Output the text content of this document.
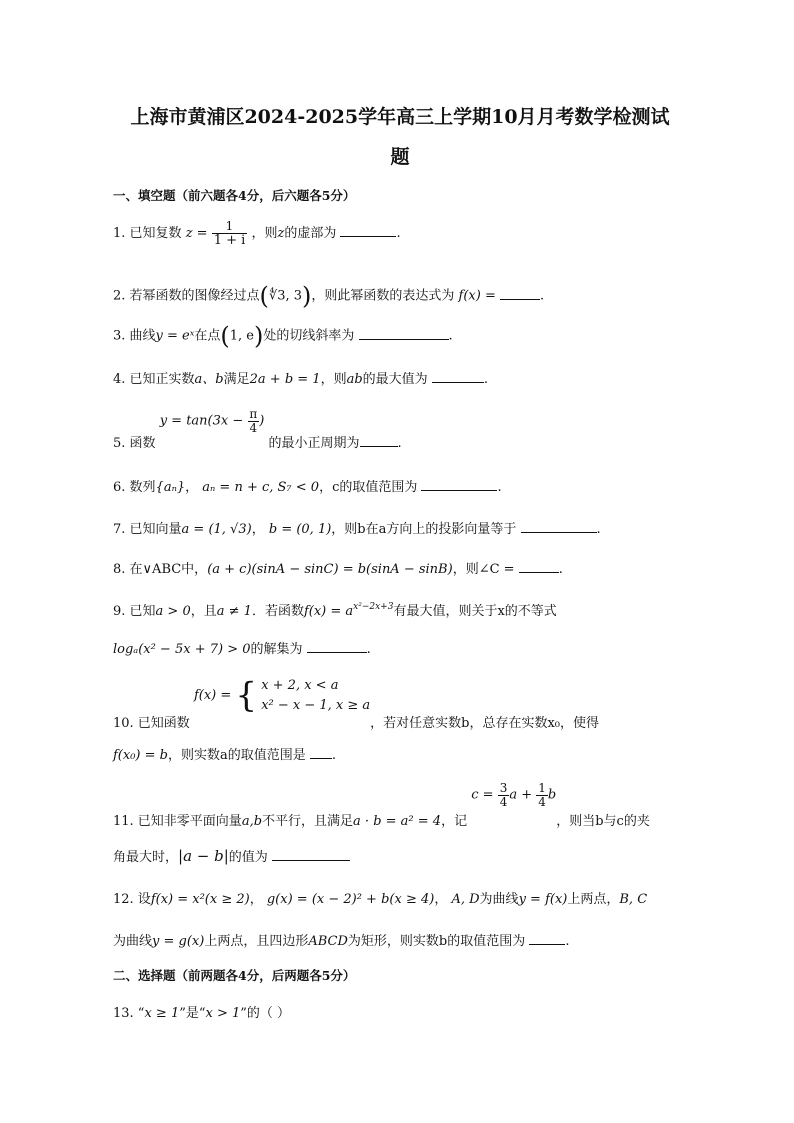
上海市黄浦区2024-2025学年高三上学期10月月考数学检测试
题
一、填空题（前六题各4分，后六题各5分）
1. 已知复数 $z = \frac{1}{1 + i}$ ，则z的虚部为	.
2. 若幂函数的图像经过点(∜3, 3)，则此幂函数的表达式为 f(x) =	.
3. 曲线y = eˣ在点(1, e)处的切线斜率为	.
4. 已知正实数a、b满足2a + b = 1，则ab的最大值为	.
5. 函数 $y = \tan(3x - \frac{\pi}{4}$ ) 的最小正周期为	.
6. 数列{aₙ}， aₙ = n + c, S₇ < 0，c的取值范围为	.
7. 已知向量a = (1, √3)， b = (0, 1)，则b在a方向上的投影向量等于	.
8. 在∨ABC中，(a + c)(sinA − sinC) = b(sinA − sinB)，则∠C =	.
9. 已知a > 0，且a ≠ 1．若函数$f(x) = a^{x^2-2x+3}$有最大值，则关于x的不等式
logₐ(x² − 5x + 7) > 0的解集为	.
10. 已知函数 f(x) = { x + 2, x < a
x² − x − 1, x ≥ a
，若对任意实数b，总存在实数x₀，使得
f(x₀) = b，则实数a的取值范围是 .
11. 已知非零平面向量a,b不平行，且满足a · b = a² = 4，记 $c = \frac{3}{4}$ $a + \frac{1}{4}$ b，则当b与c的夹
角最大时，|a − b|的值为
12. 设f(x) = x²(x ≥ 2)， g(x) = (x − 2)² + b(x ≥ 4)， A, D为曲线y = f(x)上两点，B, C
为曲线y = g(x)上两点，且四边形ABCD为矩形，则实数b的取值范围为	.
二、选择题（前两题各4分，后两题各5分）
13. “x ≥ 1”是“x > 1”的（ ）
